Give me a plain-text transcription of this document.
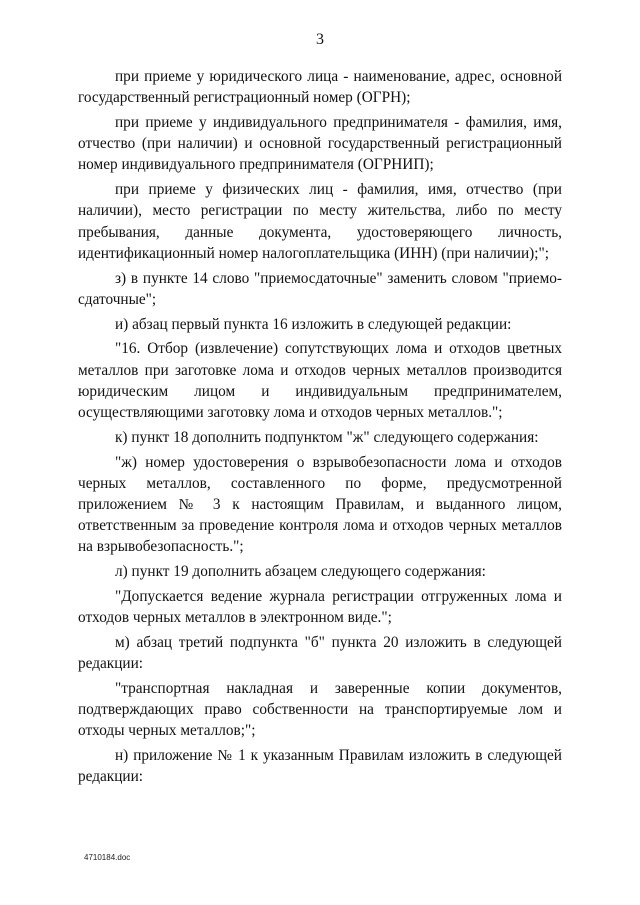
3

при приеме у юридического лица - наименование, адрес, основной государственный регистрационный номер (ОГРН);

при приеме у индивидуального предпринимателя - фамилия, имя, отчество (при наличии) и основной государственный регистрационный номер индивидуального предпринимателя (ОГРНИП);

при приеме у физических лиц - фамилия, имя, отчество (при наличии), место регистрации по месту жительства, либо по месту пребывания, данные документа, удостоверяющего личность, идентификационный номер налогоплательщика (ИНН) (при наличии);";

з) в пункте 14 слово "приемосдаточные" заменить словом "приемо-сдаточные";

и) абзац первый пункта 16 изложить в следующей редакции:

"16. Отбор (извлечение) сопутствующих лома и отходов цветных металлов при заготовке лома и отходов черных металлов производится юридическим лицом и индивидуальным предпринимателем, осуществляющими заготовку лома и отходов черных металлов.";

к) пункт 18 дополнить подпунктом "ж" следующего содержания:

"ж) номер удостоверения о взрывобезопасности лома и отходов черных металлов, составленного по форме, предусмотренной приложением № 3 к настоящим Правилам, и выданного лицом, ответственным за проведение контроля лома и отходов черных металлов на взрывобезопасность.";

л) пункт 19 дополнить абзацем следующего содержания:

"Допускается ведение журнала регистрации отгруженных лома и отходов черных металлов в электронном виде.";

м) абзац третий подпункта "б" пункта 20 изложить в следующей редакции:

"транспортная накладная и заверенные копии документов, подтверждающих право собственности на транспортируемые лом и отходы черных металлов;";

н) приложение № 1 к указанным Правилам изложить в следующей редакции:

4710184.doc
